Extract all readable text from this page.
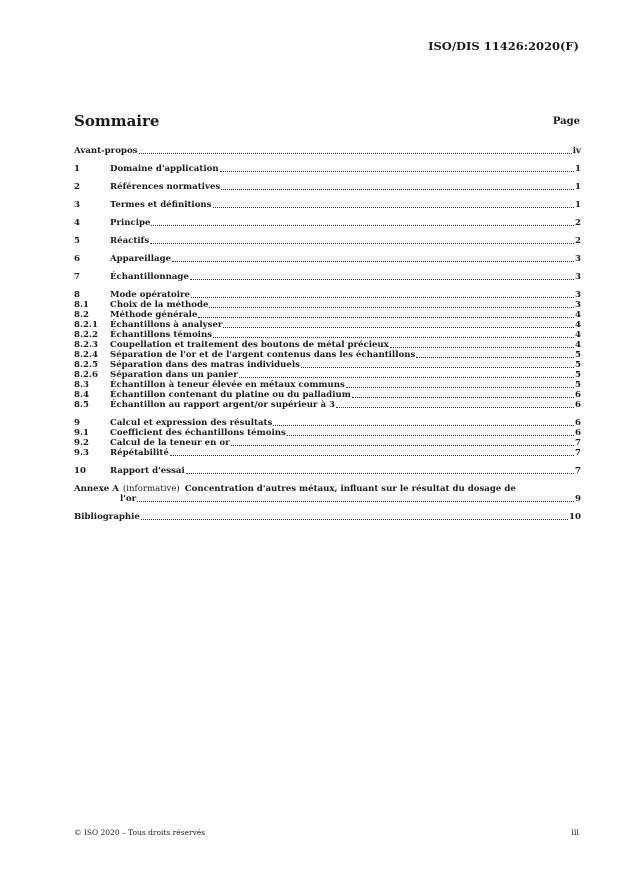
ISO/DIS 11426:2020(F)
Sommaire	Page
Avant-propos	iv
1	Domaine d'application	1
2	Références normatives	1
3	Termes et définitions	1
4	Principe	2
5	Réactifs	2
6	Appareillage	3
7	Échantillonnage	3
8	Mode opératoire	3
8.1	Choix de la méthode	3
8.2	Méthode générale	4
8.2.1	Échantillons à analyser	4
8.2.2	Échantillons témoins	4
8.2.3	Coupellation et traitement des boutons de métal précieux	4
8.2.4	Séparation de l'or et de l'argent contenus dans les échantillons	5
8.2.5	Séparation dans des matras individuels	5
8.2.6	Séparation dans un panier	5
8.3	Échantillon à teneur élevée en métaux communs	5
8.4	Échantillon contenant du platine ou du palladium	6
8.5	Échantillon au rapport argent/or supérieur à 3	6
9	Calcul et expression des résultats	6
9.1	Coefficient des échantillons témoins	6
9.2	Calcul de la teneur en or	7
9.3	Répétabilité	7
10	Rapport d'essai	7
Annexe A (informative) Concentration d'autres métaux, influant sur le résultat du dosage de
l'or	9
Bibliographie	10
© ISO 2020 – Tous droits réservés	iii
